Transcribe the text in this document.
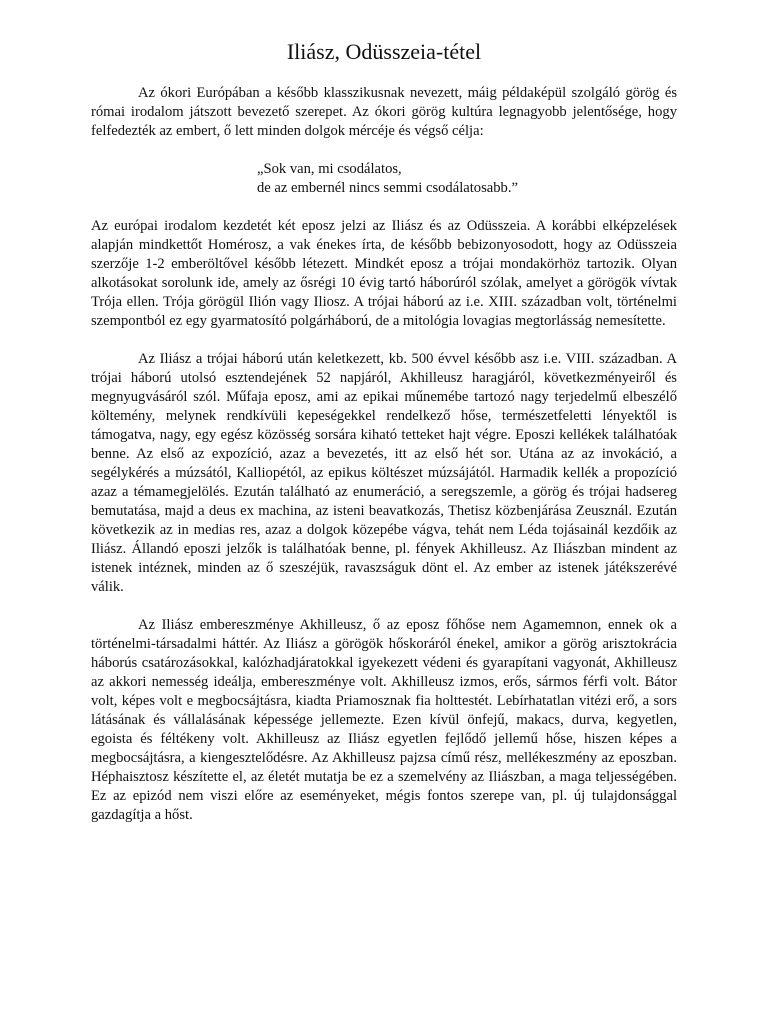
Iliász, Odüsszeia-tétel

Az ókori Európában a később klasszikusnak nevezett, máig példaképül szolgáló görög és római irodalom játszott bevezető szerepet. Az ókori görög kultúra legnagyobb jelentősége, hogy felfedezték az embert, ő lett minden dolgok mércéje és végső célja:

„Sok van, mi csodálatos,
de az embernél nincs semmi csodálatosabb.”

Az európai irodalom kezdetét két eposz jelzi az Iliász és az Odüsszeia. A korábbi elképzelések alapján mindkettőt Homérosz, a vak énekes írta, de később bebizonyosodott, hogy az Odüsszeia szerzője 1-2 emberöltővel később létezett. Mindkét eposz a trójai mondakörhöz tartozik. Olyan alkotásokat sorolunk ide, amely az ősrégi 10 évig tartó háborúról szólak, amelyet a görögök vívtak Trója ellen. Trója görögül Ilión vagy Iliosz. A trójai háború az i.e. XIII. században volt, történelmi szempontból ez egy gyarmatosító polgárháború, de a mitológia lovagias megtorlásság nemesítette.

Az Iliász a trójai háború után keletkezett, kb. 500 évvel később asz i.e. VIII. században. A trójai háború utolsó esztendejének 52 napjáról, Akhilleusz haragjáról, következményeiről és megnyugvásáról szól. Műfaja eposz, ami az epikai műnemébe tartozó nagy terjedelmű elbeszélő költemény, melynek rendkívüli kepeségekkel rendelkező hőse, természetfeletti lényektől is támogatva, nagy, egy egész közösség sorsára kiható tetteket hajt végre. Eposzi kellékek találhatóak benne. Az első az expozíció, azaz a bevezetés, itt az első hét sor. Utána az az invokáció, a segélykérés a múzsától, Kalliopétól, az epikus költészet múzsájától. Harmadik kellék a propozíció azaz a témamegjelölés. Ezután található az enumeráció, a seregszemle, a görög és trójai hadsereg bemutatása, majd a deus ex machina, az isteni beavatkozás, Thetisz közbenjárása Zeusznál. Ezután következik az in medias res, azaz a dolgok közepébe vágva, tehát nem Léda tojásainál kezdőik az Iliász. Állandó eposzi jelzők is találhatóak benne, pl. fények Akhilleusz. Az Iliászban mindent az istenek intéznek, minden az ő szeszéjük, ravaszságuk dönt el. Az ember az istenek játékszerévé válik.

Az Iliász embereszménye Akhilleusz, ő az eposz főhőse nem Agamemnon, ennek ok a történelmi-társadalmi háttér. Az Iliász a görögök hőskoráról énekel, amikor a görög arisztokrácia háborús csatározásokkal, kalózhadjáratokkal igyekezett védeni és gyarapítani vagyonát, Akhilleusz az akkori nemesség ideálja, embereszménye volt. Akhilleusz izmos, erős, sármos férfi volt. Bátor volt, képes volt e megbocsájtásra, kiadta Priamosznak fia holttestét. Lebírhatatlan vitézi erő, a sors látásának és vállalásának képessége jellemezte. Ezen kívül önfejű, makacs, durva, kegyetlen, egoista és féltékeny volt. Akhilleusz az Iliász egyetlen fejlődő jellemű hőse, hiszen képes a megbocsájtásra, a kiengesztelődésre. Az Akhilleusz pajzsa című rész, mellékeszmény az eposzban. Héphaisztosz készítette el, az életét mutatja be ez a szemelvény az Iliászban, a maga teljességében. Ez az epizód nem viszi előre az eseményeket, mégis fontos szerepe van, pl. új tulajdonsággal gazdagítja a hőst.
